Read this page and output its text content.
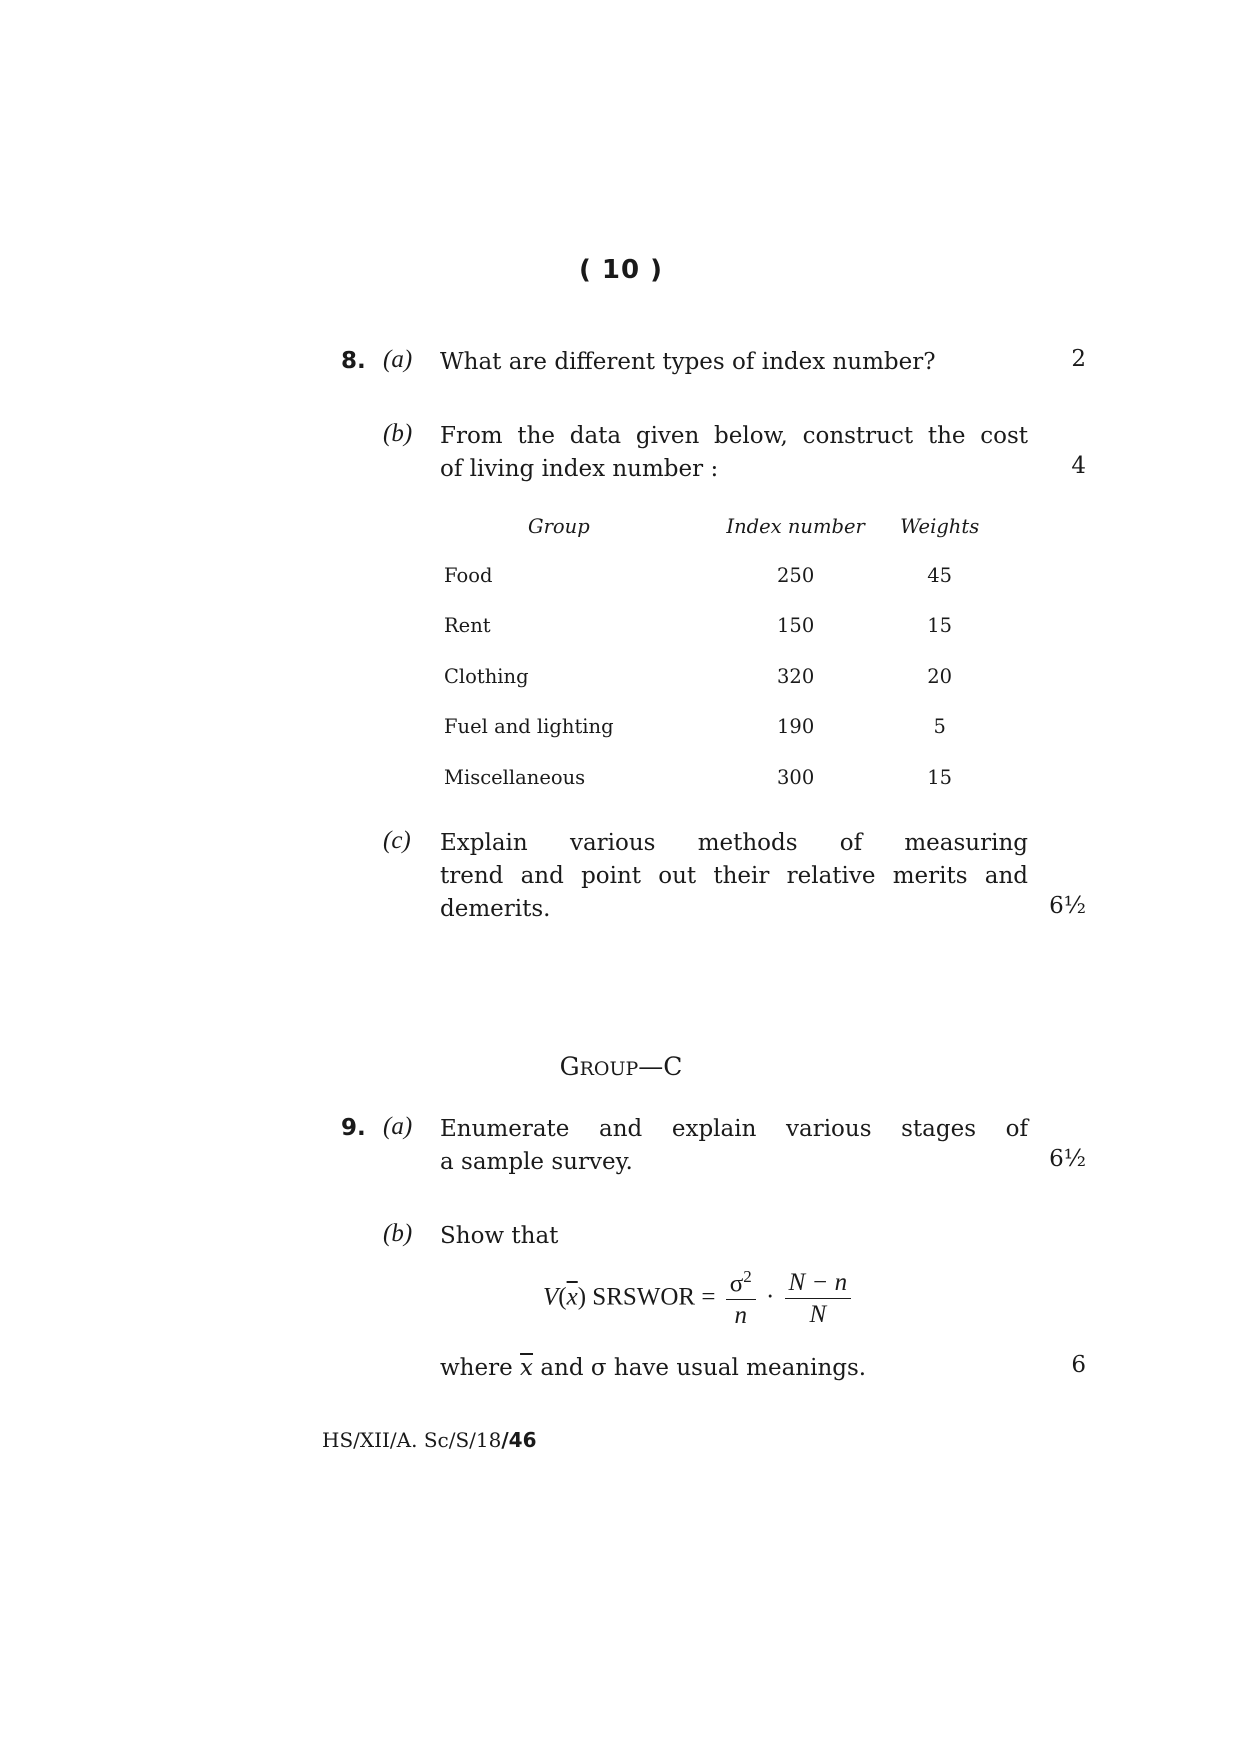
( 10 )
8. (a) What are different types of index number?	2
(b) From the data given below, construct the cost
of living index number :	4
Group	Index number	Weights
Food	250	45
Rent	150	15
Clothing	320	20
Fuel and lighting	190	5
Miscellaneous	300	15
(c) Explain various methods of measuring
trend and point out their relative merits and
demerits.	6½
GROUP—C
9. (a) Enumerate and explain various stages of
a sample survey.	6½
(b) Show that
$V(\overline{x})$ SRSWOR = $\frac{\sigma^2}{n} \cdot \frac{N - n}{N}$
where $\overline{x}$ and σ have usual meanings.	6
HS/XII/A. Sc/S/18/46
